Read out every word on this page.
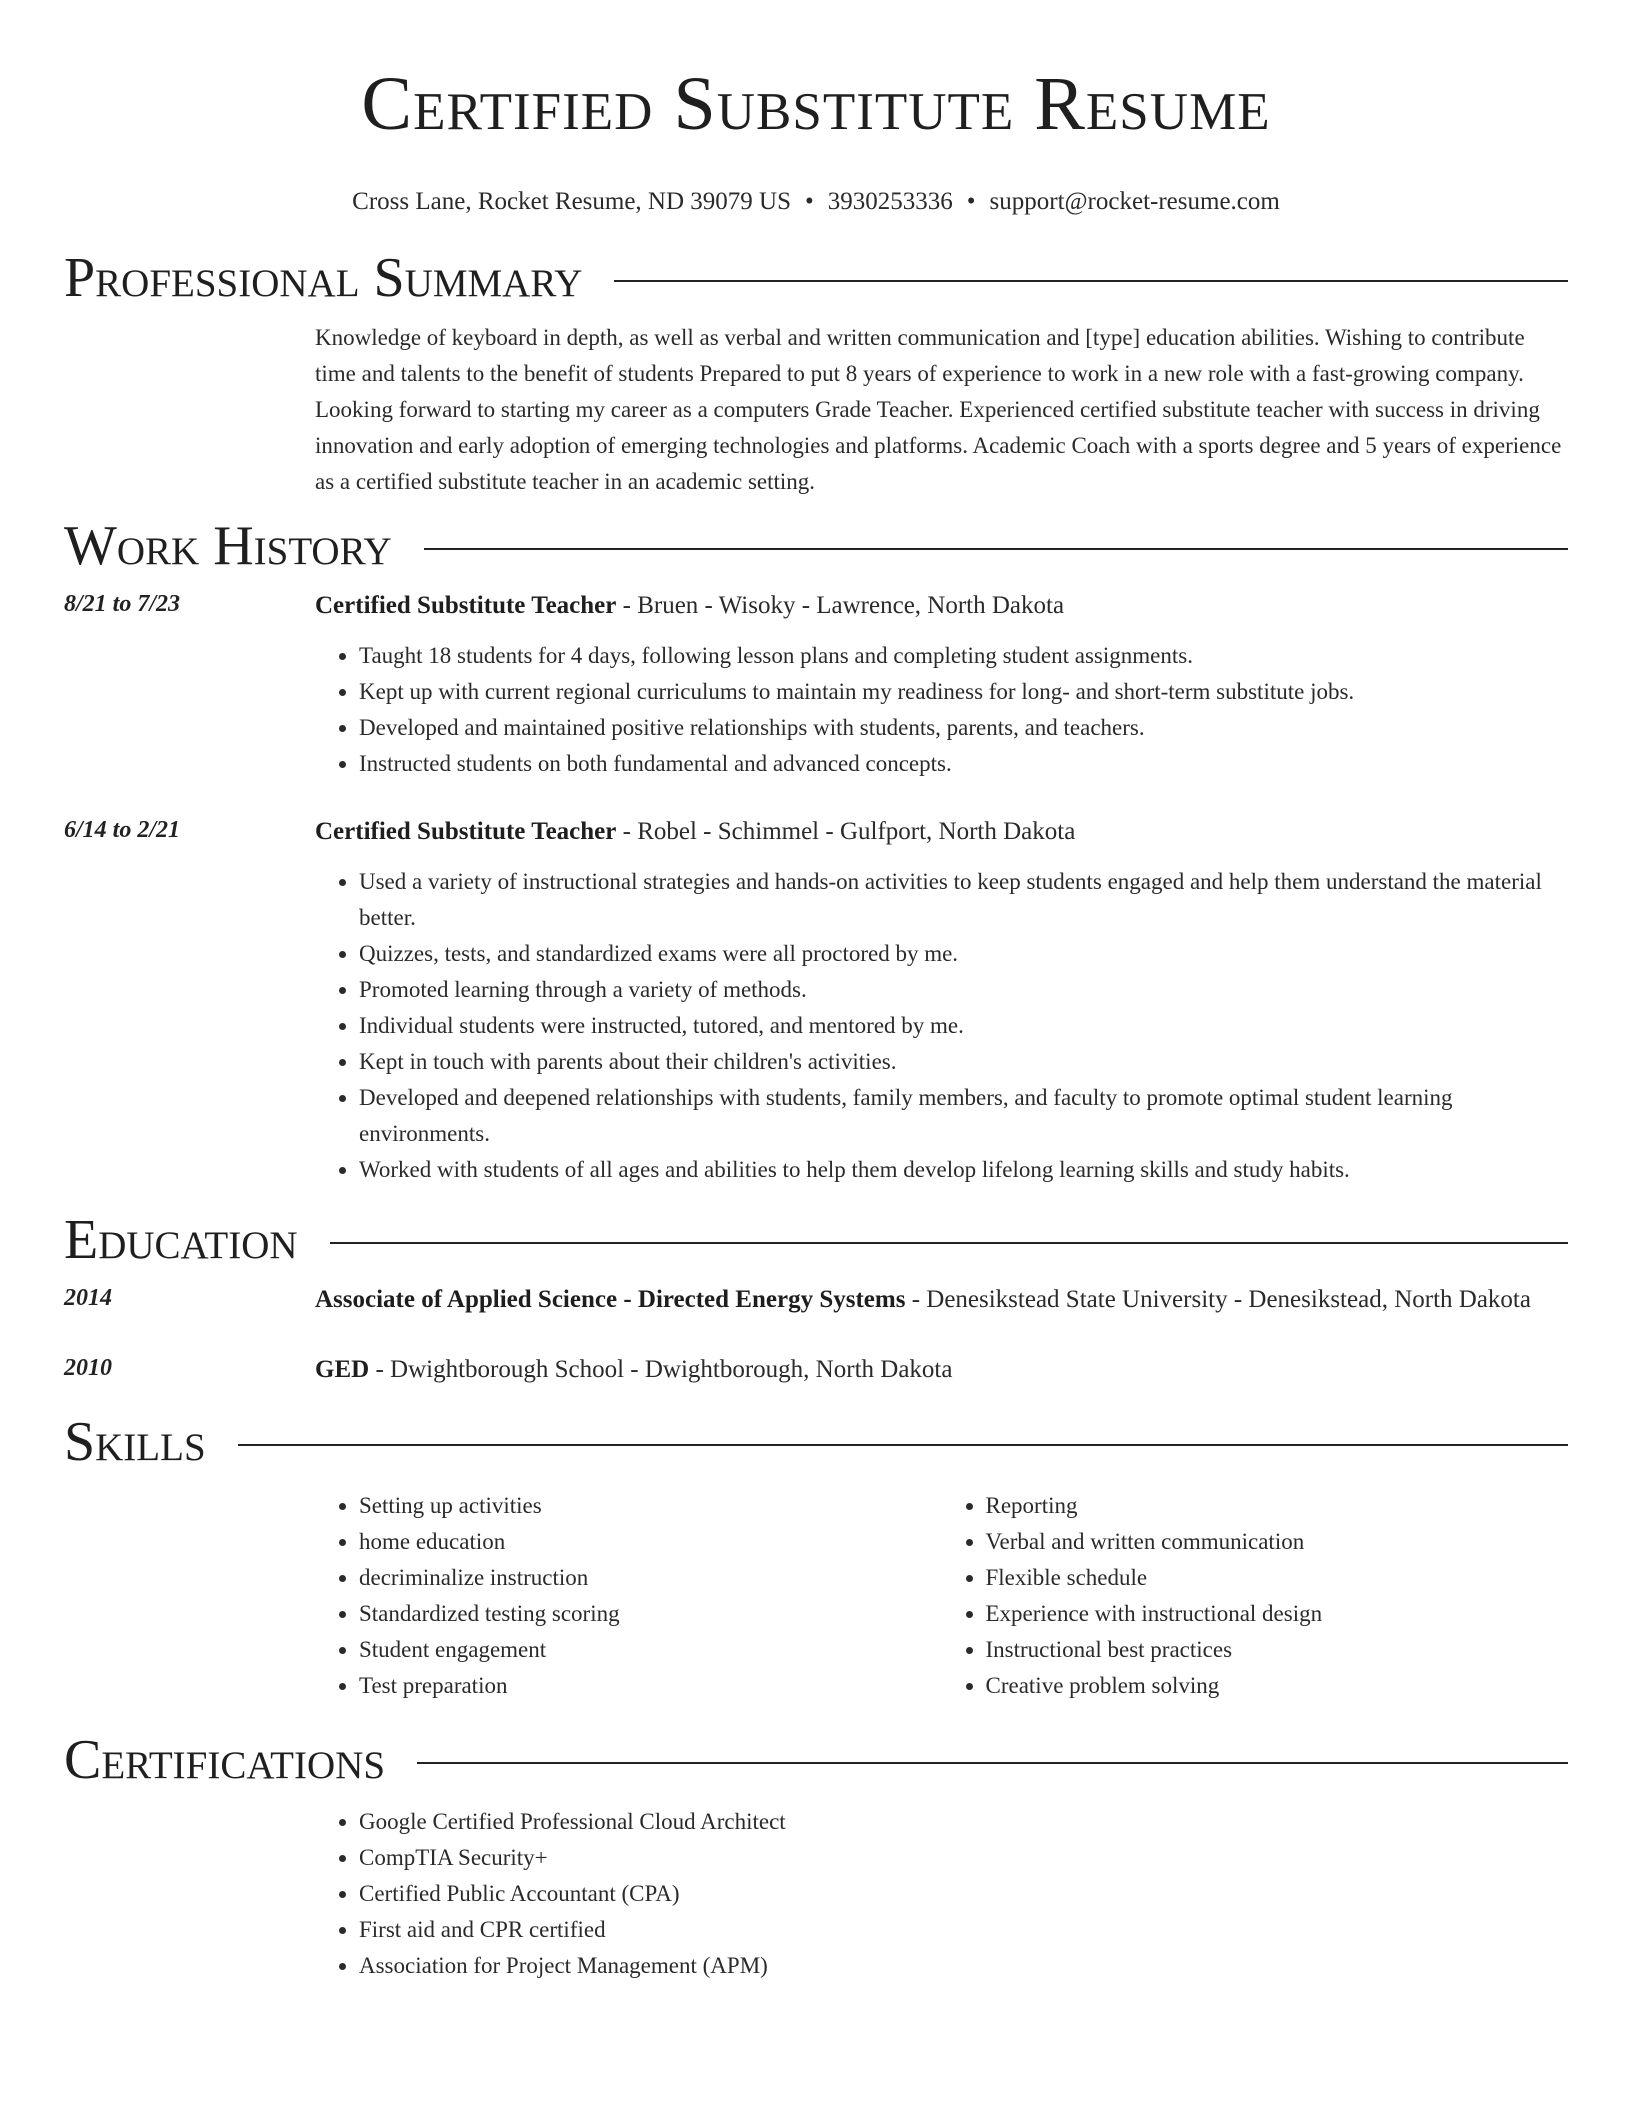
Certified Substitute Resume
Cross Lane, Rocket Resume, ND 39079 US • 3930253336 • support@rocket-resume.com
Professional Summary
Knowledge of keyboard in depth, as well as verbal and written communication and [type] education abilities. Wishing to contribute time and talents to the benefit of students Prepared to put 8 years of experience to work in a new role with a fast-growing company. Looking forward to starting my career as a computers Grade Teacher. Experienced certified substitute teacher with success in driving innovation and early adoption of emerging technologies and platforms. Academic Coach with a sports degree and 5 years of experience as a certified substitute teacher in an academic setting.
Work History
8/21 to 7/23	Certified Substitute Teacher - Bruen - Wisoky - Lawrence, North Dakota
• Taught 18 students for 4 days, following lesson plans and completing student assignments.
• Kept up with current regional curriculums to maintain my readiness for long- and short-term substitute jobs.
• Developed and maintained positive relationships with students, parents, and teachers.
• Instructed students on both fundamental and advanced concepts.
6/14 to 2/21	Certified Substitute Teacher - Robel - Schimmel - Gulfport, North Dakota
• Used a variety of instructional strategies and hands-on activities to keep students engaged and help them understand the material better.
• Quizzes, tests, and standardized exams were all proctored by me.
• Promoted learning through a variety of methods.
• Individual students were instructed, tutored, and mentored by me.
• Kept in touch with parents about their children's activities.
• Developed and deepened relationships with students, family members, and faculty to promote optimal student learning environments.
• Worked with students of all ages and abilities to help them develop lifelong learning skills and study habits.
Education
2014	Associate of Applied Science - Directed Energy Systems - Denesikstead State University - Denesikstead, North Dakota
2010	GED - Dwightborough School - Dwightborough, North Dakota
Skills
• Setting up activities
• home education
• decriminalize instruction
• Standardized testing scoring
• Student engagement
• Test preparation
• Reporting
• Verbal and written communication
• Flexible schedule
• Experience with instructional design
• Instructional best practices
• Creative problem solving
Certifications
• Google Certified Professional Cloud Architect
• CompTIA Security+
• Certified Public Accountant (CPA)
• First aid and CPR certified
• Association for Project Management (APM)
